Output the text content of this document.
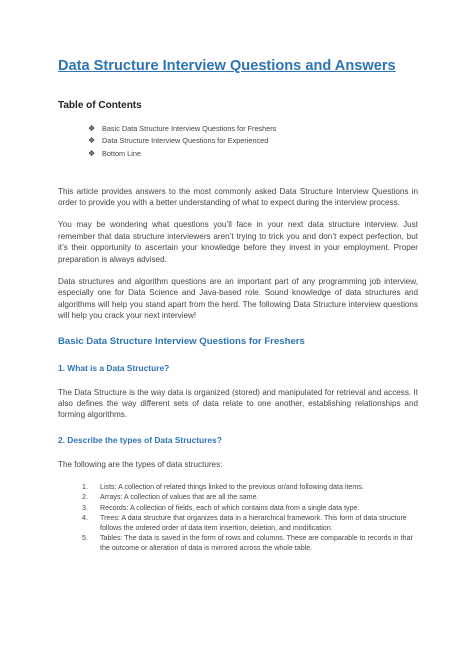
Data Structure Interview Questions and Answers
Table of Contents
❖ Basic Data Structure Interview Questions for Freshers
❖ Data Structure Interview Questions for Experienced
❖ Bottom Line

This article provides answers to the most commonly asked Data Structure Interview Questions in order to provide you with a better understanding of what to expect during the interview process.

You may be wondering what questions you’ll face in your next data structure interview. Just remember that data structure interviewers aren’t trying to trick you and don’t expect perfection, but it’s their opportunity to ascertain your knowledge before they invest in your employment. Proper preparation is always advised.

Data structures and algorithm questions are an important part of any programming job interview, especially one for Data Science and Java-based role. Sound knowledge of data structures and algorithms will help you stand apart from the herd. The following Data Structure interview questions will help you crack your next interview!

Basic Data Structure Interview Questions for Freshers
1. What is a Data Structure?

The Data Structure is the way data is organized (stored) and manipulated for retrieval and access. It also defines the way different sets of data relate to one another, establishing relationships and forming algorithms.

2. Describe the types of Data Structures?

The following are the types of data structures:

1.	Lists: A collection of related things linked to the previous or/and following data items.
2.	Arrays: A collection of values that are all the same.
3.	Records: A collection of fields, each of which contains data from a single data type.
4.	Trees: A data structure that organizes data in a hierarchical framework. This form of data structure follows the ordered order of data item insertion, deletion, and modification.
5.	Tables: The data is saved in the form of rows and columns. These are comparable to records in that the outcome or alteration of data is mirrored across the whole table.
